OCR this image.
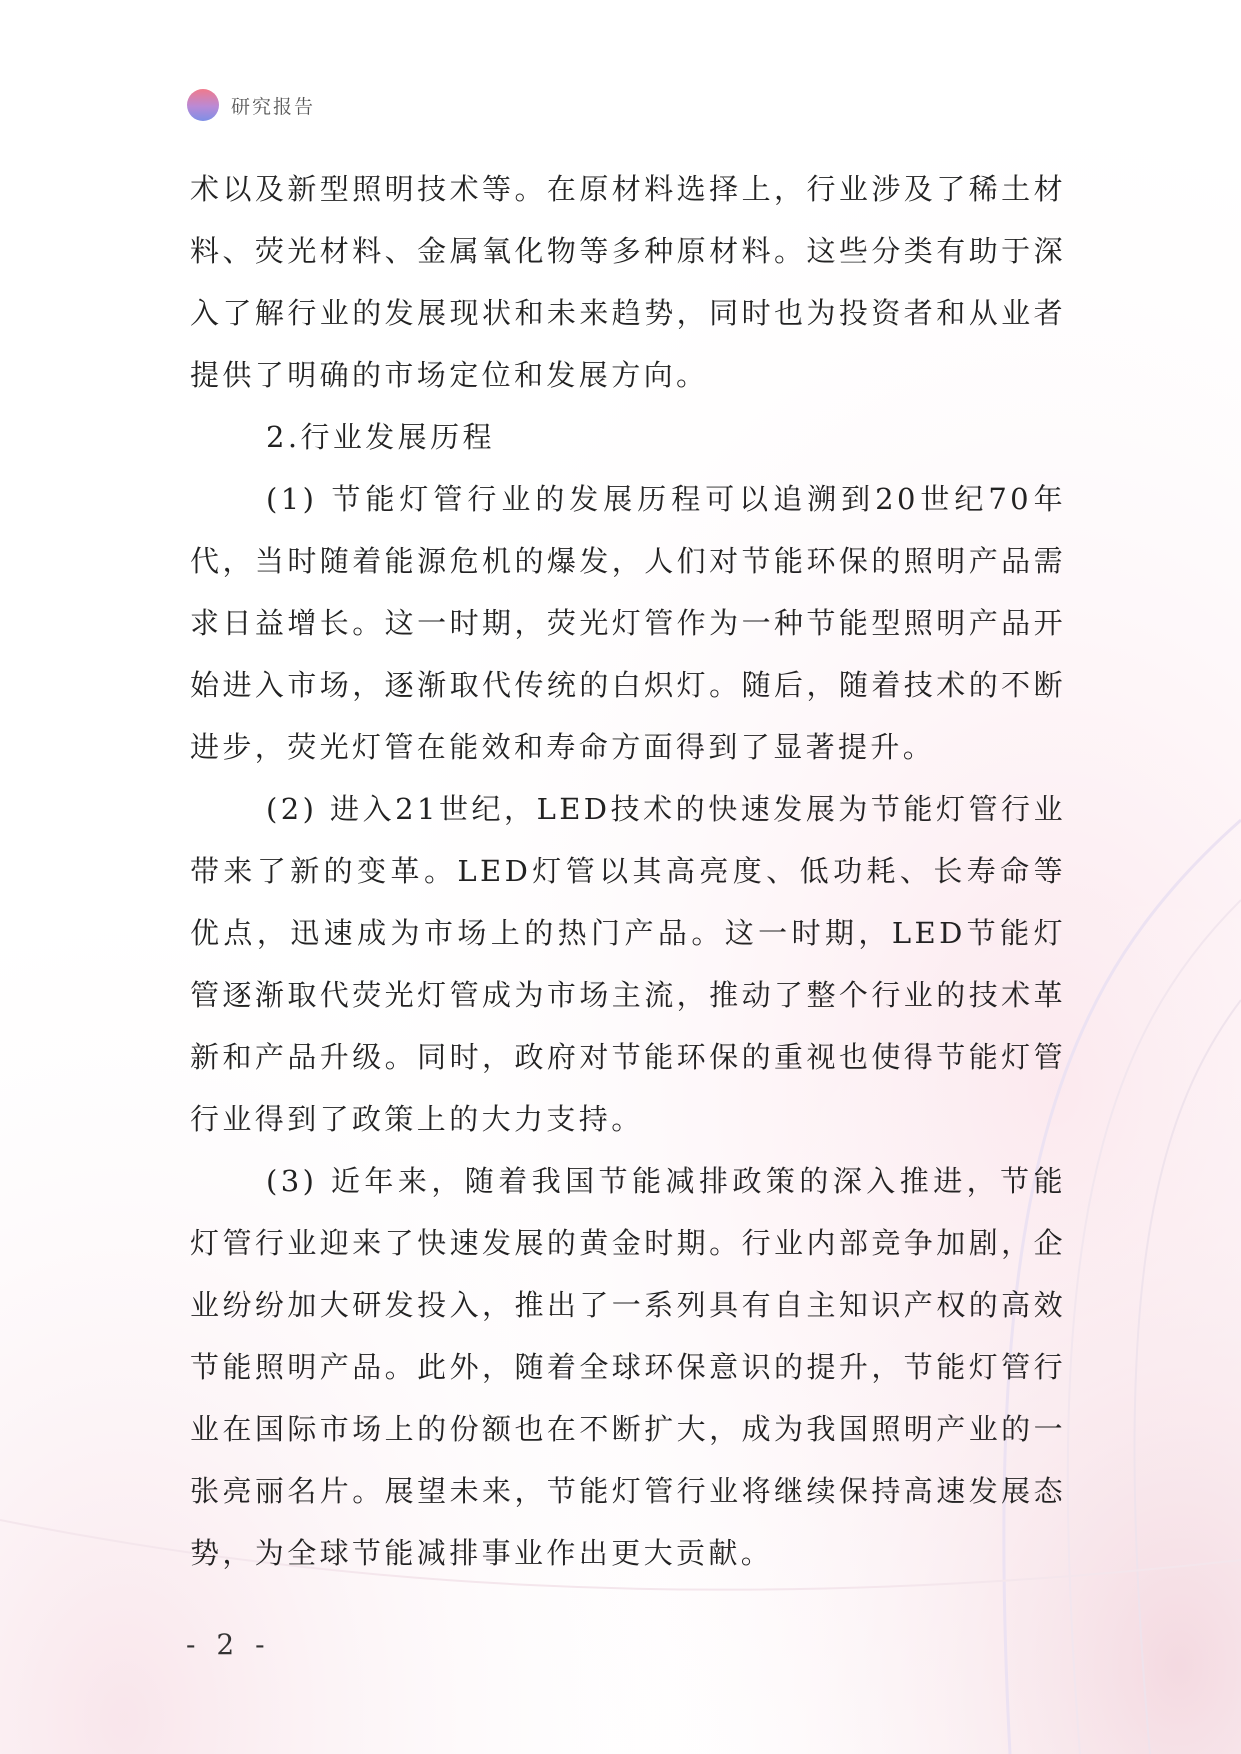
研究报告

术以及新型照明技术等。在原材料选择上，行业涉及了稀土材料、荧光材料、金属氧化物等多种原材料。这些分类有助于深入了解行业的发展现状和未来趋势，同时也为投资者和从业者提供了明确的市场定位和发展方向。

2.行业发展历程

(1) 节能灯管行业的发展历程可以追溯到20世纪70年代，当时随着能源危机的爆发，人们对节能环保的照明产品需求日益增长。这一时期，荧光灯管作为一种节能型照明产品开始进入市场，逐渐取代传统的白炽灯。随后，随着技术的不断进步，荧光灯管在能效和寿命方面得到了显著提升。

(2) 进入21世纪，LED技术的快速发展为节能灯管行业带来了新的变革。LED灯管以其高亮度、低功耗、长寿命等优点，迅速成为市场上的热门产品。这一时期，LED节能灯管逐渐取代荧光灯管成为市场主流，推动了整个行业的技术革新和产品升级。同时，政府对节能环保的重视也使得节能灯管行业得到了政策上的大力支持。

(3) 近年来，随着我国节能减排政策的深入推进，节能灯管行业迎来了快速发展的黄金时期。行业内部竞争加剧，企业纷纷加大研发投入，推出了一系列具有自主知识产权的高效节能照明产品。此外，随着全球环保意识的提升，节能灯管行业在国际市场上的份额也在不断扩大，成为我国照明产业的一张亮丽名片。展望未来，节能灯管行业将继续保持高速发展态势，为全球节能减排事业作出更大贡献。

- 2 -
